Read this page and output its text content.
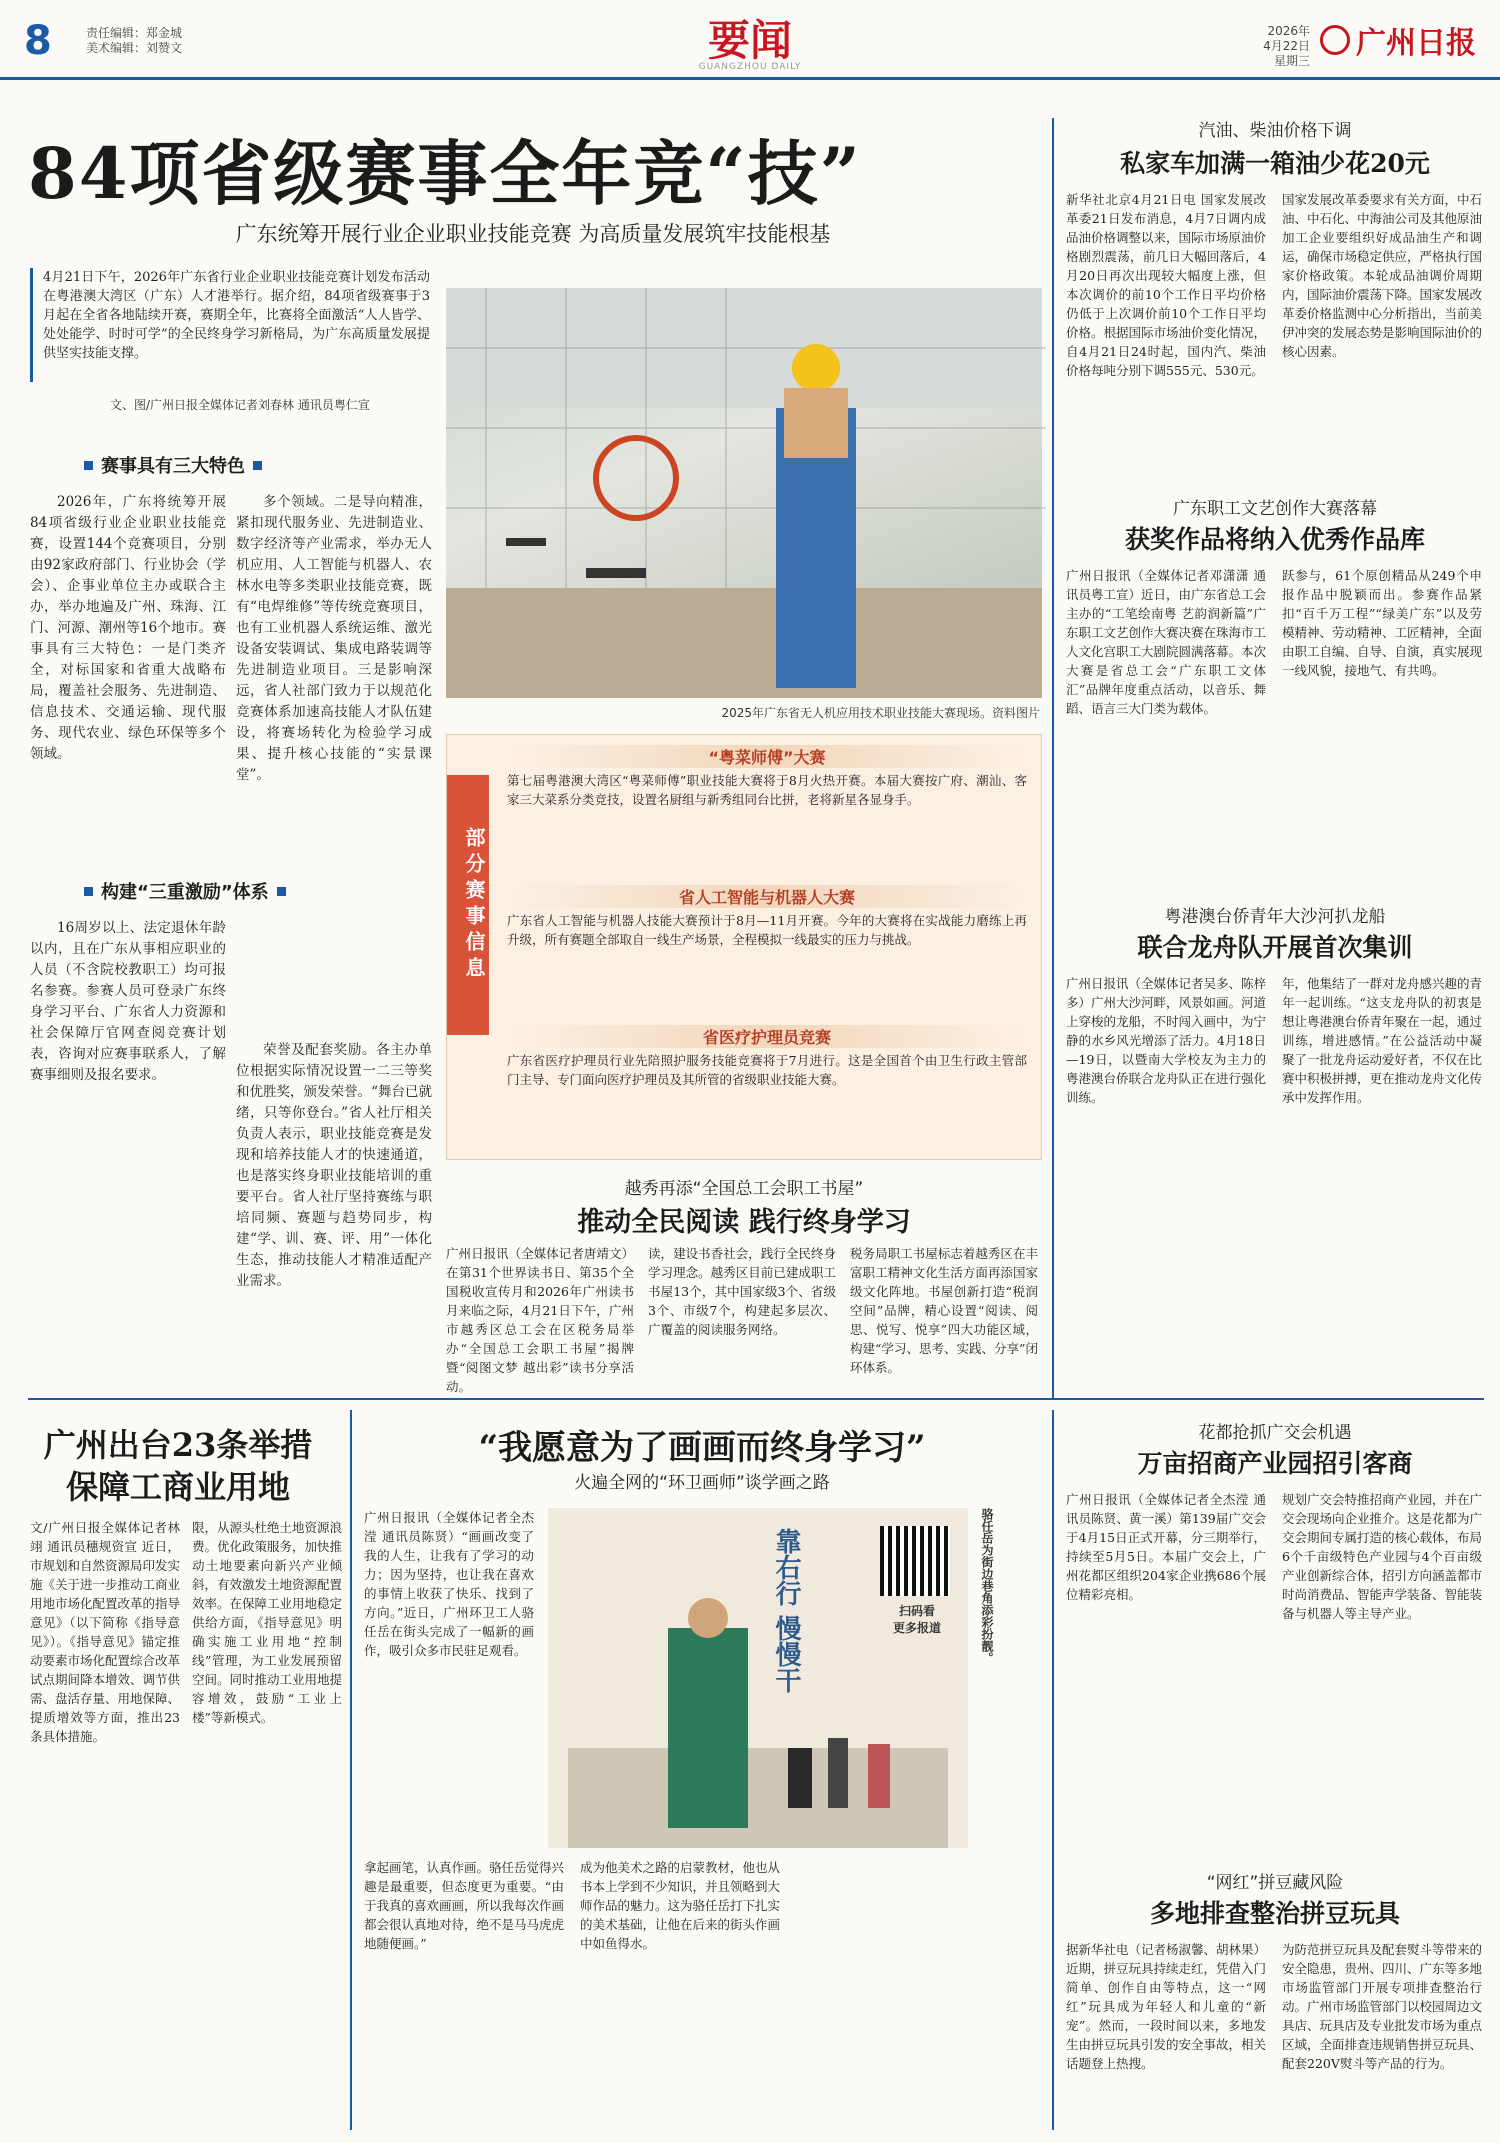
8	责任编辑：郑金城
美术编辑：刘赞文	要闻
GUANGZHOU DAILY
2026年
4月22日
星期三 广州日报
84项省级赛事全年竞“技”
广东统筹开展行业企业职业技能竞赛 为高质量发展筑牢技能根基
4月21日下午，2026年广东省行业企业职业技能竞赛计划发布活动在粤港澳大湾区（广东）人才港举行。据介绍，84项省级赛事于3月起在全省各地陆续开赛，赛期全年，比赛将全面激活“人人皆学、处处能学、时时可学”的全民终身学习新格局，为广东高质量发展提供坚实技能支撑。
文、图/广州日报全媒体记者刘春林 通讯员粤仁宣
赛事具有三大特色

2026年，广东将统筹开展84项省级行业企业职业技能竞赛，设置144个竞赛项目，分别由92家政府部门、行业协会（学会）、企事业单位主办或联合主办，举办地遍及广州、珠海、江门、河源、潮州等16个地市。赛事具有三大特色：一是门类齐全，对标国家和省重大战略布局，覆盖社会服务、先进制造、信息技术、交通运输、现代服务、现代农业、绿色环保等多个领域。

多个领域。二是导向精准，紧扣现代服务业、先进制造业、数字经济等产业需求，举办无人机应用、人工智能与机器人、农林水电等多类职业技能竞赛，既有“电焊维修”等传统竞赛项目，也有工业机器人系统运维、激光设备安装调试、集成电路装调等先进制造业项目。三是影响深远，省人社部门致力于以规范化竞赛体系加速高技能人才队伍建设，将赛场转化为检验学习成果、提升核心技能的“实景课堂”。

构建“三重激励”体系

16周岁以上、法定退休年龄以内，且在广东从事相应职业的人员（不含院校教职工）均可报名参赛。参赛人员可登录广东终身学习平台、广东省人力资源和社会保障厅官网查阅竞赛计划表，咨询对应赛事联系人，了解赛事细则及报名要求。

荣誉及配套奖励。各主办单位根据实际情况设置一二三等奖和优胜奖，颁发荣誉。“舞台已就绪，只等你登台。”省人社厅相关负责人表示，职业技能竞赛是发现和培养技能人才的快速通道，也是落实终身职业技能培训的重要平台。省人社厅坚持赛练与职培同频、赛题与趋势同步，构建“学、训、赛、评、用”一体化生态，推动技能人才精准适配产业需求。

2025年广东省无人机应用技术职业技能大赛现场。资料图片
部分赛事信息
“粤菜师傅”大赛
第七届粤港澳大湾区“粤菜师傅”职业技能大赛将于8月火热开赛。本届大赛按广府、潮汕、客家三大菜系分类竞技，设置名厨组与新秀组同台比拼，老将新星各显身手。
省人工智能与机器人大赛
广东省人工智能与机器人技能大赛预计于8月—11月开赛。今年的大赛将在实战能力磨练上再升级，所有赛题全部取自一线生产场景，全程模拟一线最实的压力与挑战。
省医疗护理员竞赛
广东省医疗护理员行业先陪照护服务技能竞赛将于7月进行。这是全国首个由卫生行政主管部门主导、专门面向医疗护理员及其所管的省级职业技能大赛。
越秀再添“全国总工会职工书屋”
推动全民阅读 践行终身学习
广州日报讯（全媒体记者唐靖文）在第31个世界读书日、第35个全国税收宣传月和2026年广州读书月来临之际，4月21日下午，广州市越秀区总工会在区税务局举办“全国总工会职工书屋”揭牌暨“阅图文梦 越出彩”读书分享活动。
读，建设书香社会，践行全民终身学习理念。越秀区目前已建成职工书屋13个，其中国家级3个、省级3个、市级7个，构建起多层次、广覆盖的阅读服务网络。
税务局职工书屋标志着越秀区在丰富职工精神文化生活方面再添国家级文化阵地。书屋创新打造“税润空间”品牌，精心设置“阅读、阅思、悦写、悦享”四大功能区域，构建“学习、思考、实践、分享”闭环体系。
汽油、柴油价格下调
私家车加满一箱油少花20元
新华社北京4月21日电 国家发展改革委21日发布消息，4月7日调内成品油价格调整以来，国际市场原油价格剧烈震荡，前几日大幅回落后，4月20日再次出现较大幅度上涨，但本次调价的前10个工作日平均价格仍低于上次调价前10个工作日平均价格。根据国际市场油价变化情况，自4月21日24时起，国内汽、柴油价格每吨分别下调555元、530元。
国家发展改革委要求有关方面，中石油、中石化、中海油公司及其他原油加工企业要组织好成品油生产和调运，确保市场稳定供应，严格执行国家价格政策。本轮成品油调价周期内，国际油价震荡下降。国家发展改革委价格监测中心分析指出，当前美伊冲突的发展态势是影响国际油价的核心因素。
广东职工文艺创作大赛落幕
获奖作品将纳入优秀作品库
广州日报讯（全媒体记者邓潇潇 通讯员粤工宣）近日，由广东省总工会主办的“工笔绘南粤 艺韵润新篇”广东职工文艺创作大赛决赛在珠海市工人文化宫职工大剧院圆满落幕。本次大赛是省总工会“广东职工文体汇”品牌年度重点活动，以音乐、舞蹈、语言三大门类为载体。
跃参与，61个原创精品从249个申报作品中脱颖而出。参赛作品紧扣“百千万工程”“绿美广东”以及劳模精神、劳动精神、工匠精神，全面由职工自编、自导、自演，真实展现一线风貌，接地气、有共鸣。
粤港澳台侨青年大沙河扒龙船
联合龙舟队开展首次集训
广州日报讯（全媒体记者吴多、陈梓多）广州大沙河畔，风景如画。河道上穿梭的龙船，不时闯入画中，为宁静的水乡风光增添了活力。4月18日—19日，以暨南大学校友为主力的粤港澳台侨联合龙舟队正在进行强化训练。
年，他集结了一群对龙舟感兴趣的青年一起训练。“这支龙舟队的初衷是想让粤港澳台侨青年聚在一起，通过训练，增进感情。”在公益活动中凝聚了一批龙舟运动爱好者，不仅在比赛中积极拼搏，更在推动龙舟文化传承中发挥作用。
广州出台23条举措
保障工商业用地
文/广州日报全媒体记者林翊 通讯员穗规资宣 近日，市规划和自然资源局印发实施《关于进一步推动工商业用地市场化配置改革的指导意见》（以下简称《指导意见》）。《指导意见》锚定推动要素市场化配置综合改革试点期间降本增效、调节供需、盘活存量、用地保障、提质增效等方面，推出23条具体措施。
限，从源头杜绝土地资源浪费。优化政策服务，加快推动土地要素向新兴产业倾斜，有效激发土地资源配置效率。在保障工业用地稳定供给方面，《指导意见》明确实施工业用地“控制线”管理，为工业发展预留空间。同时推动工业用地提容增效，鼓励“工业上楼”等新模式。
“我愿意为了画画而终身学习”
火遍全网的“环卫画师”谈学画之路
广州日报讯（全媒体记者全杰滢 通讯员陈贤）“画画改变了我的人生，让我有了学习的动力；因为坚持，也让我在喜欢的事情上收获了快乐、找到了方向。”近日，广州环卫工人骆任岳在街头完成了一幅新的画作，吸引众多市民驻足观看。	靠右行 慢慢干	扫码看
更多报道	骆任岳为街边巷角添彩扮靓。
拿起画笔，认真作画。骆任岳觉得兴趣是最重要，但态度更为重要。“由于我真的喜欢画画，所以我每次作画都会很认真地对待，绝不是马马虎虎地随便画。”
成为他美术之路的启蒙教材，他也从书本上学到不少知识，并且领略到大师作品的魅力。这为骆任岳打下扎实的美术基础，让他在后来的街头作画中如鱼得水。
花都抢抓广交会机遇
万亩招商产业园招引客商
广州日报讯（全媒体记者全杰滢 通讯员陈贤、黄一溪）第139届广交会于4月15日正式开幕，分三期举行，持续至5月5日。本届广交会上，广州花都区组织204家企业携686个展位精彩亮相。
规划广交会特推招商产业园，并在广交会现场向企业推介。这是花都为广交会期间专属打造的核心载体，布局6个千亩级特色产业园与4个百亩级产业创新综合体，招引方向涵盖都市时尚消费品、智能声学装备、智能装备与机器人等主导产业。
“网红”拼豆藏风险
多地排查整治拼豆玩具
据新华社电（记者杨淑馨、胡林果）近期，拼豆玩具持续走红，凭借入门简单、创作自由等特点，这一“网红”玩具成为年轻人和儿童的“新宠”。然而，一段时间以来，多地发生由拼豆玩具引发的安全事故，相关话题登上热搜。
为防范拼豆玩具及配套熨斗等带来的安全隐患，贵州、四川、广东等多地市场监管部门开展专项排查整治行动。广州市场监管部门以校园周边文具店、玩具店及专业批发市场为重点区域，全面排查违规销售拼豆玩具、配套220V熨斗等产品的行为。
